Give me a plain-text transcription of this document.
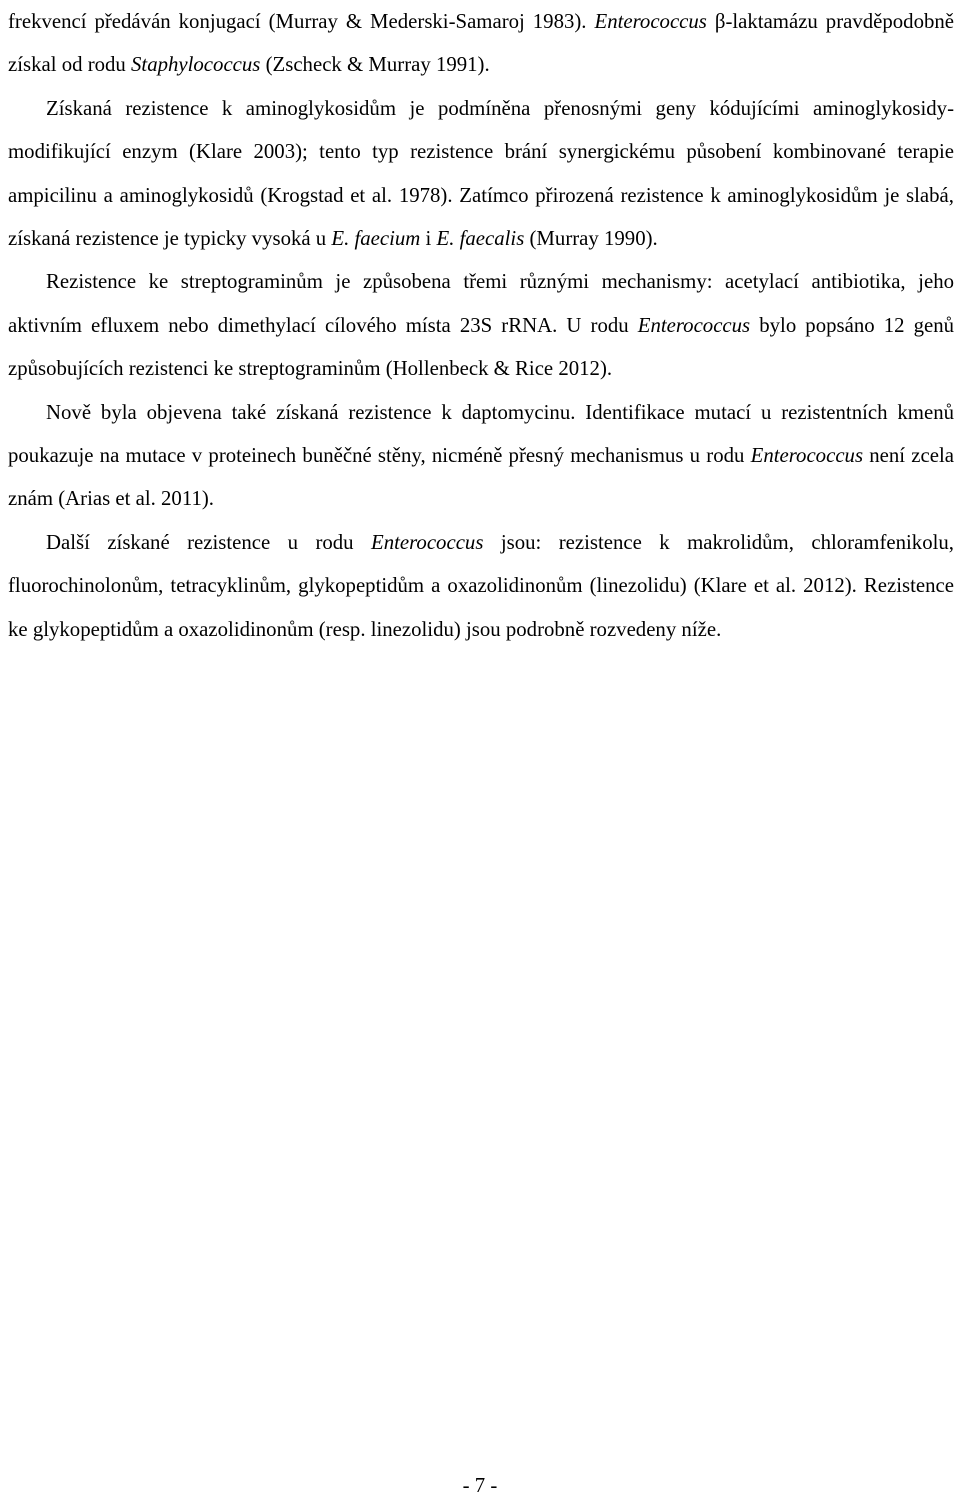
frekvencí předáván konjugací (Murray & Mederski-Samaroj 1983). Enterococcus β-laktamázu pravděpodobně získal od rodu Staphylococcus (Zscheck & Murray 1991).

Získaná rezistence k aminoglykosidům je podmíněna přenosnými geny kódujícími aminoglykosidy-modifikující enzym (Klare 2003); tento typ rezistence brání synergickému působení kombinované terapie ampicilinu a aminoglykosidů (Krogstad et al. 1978). Zatímco přirozená rezistence k aminoglykosidům je slabá, získaná rezistence je typicky vysoká u E. faecium i E. faecalis (Murray 1990).

Rezistence ke streptograminům je způsobena třemi různými mechanismy: acetylací antibiotika, jeho aktivním efluxem nebo dimethylací cílového místa 23S rRNA. U rodu Enterococcus bylo popsáno 12 genů způsobujících rezistenci ke streptograminům (Hollenbeck & Rice 2012).

Nově byla objevena také získaná rezistence k daptomycinu. Identifikace mutací u rezistentních kmenů poukazuje na mutace v proteinech buněčné stěny, nicméně přesný mechanismus u rodu Enterococcus není zcela znám (Arias et al. 2011).

Další získané rezistence u rodu Enterococcus jsou: rezistence k makrolidům, chloramfenikolu, fluorochinolonům, tetracyklinům, glykopeptidům a oxazolidinonům (linezolidu) (Klare et al. 2012). Rezistence ke glykopeptidům a oxazolidinonům (resp. linezolidu) jsou podrobně rozvedeny níže.

- 7 -
